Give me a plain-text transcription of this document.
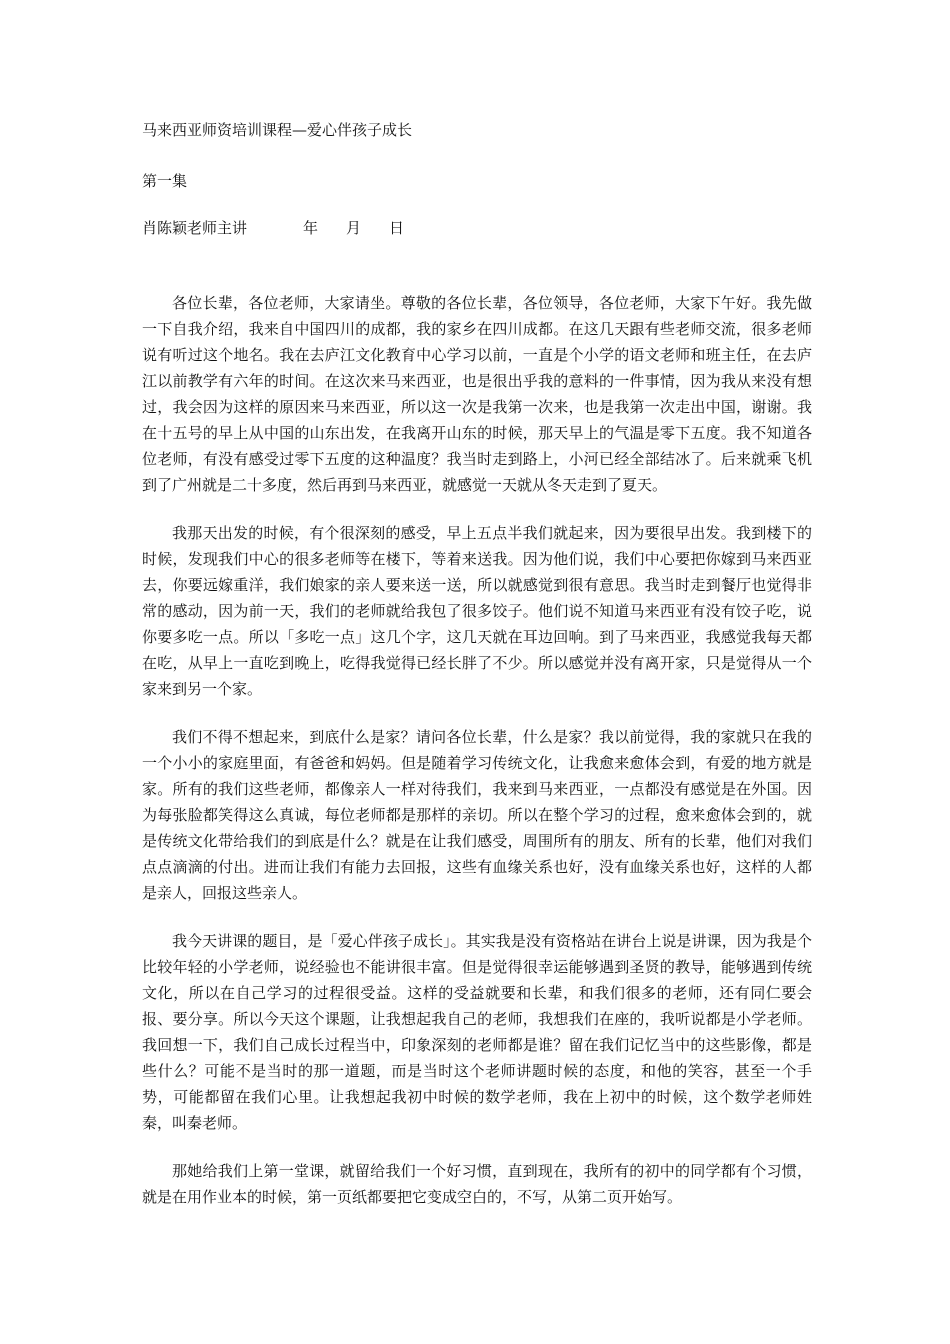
马来西亚师资培训课程—爱心伴孩子成长
第一集
肖陈颖老师主讲	年 月 日

各位长辈，各位老师，大家请坐。尊敬的各位长辈，各位领导，各位老师，大家下午好。我先做一下自我介绍，我来自中国四川的成都，我的家乡在四川成都。在这几天跟有些老师交流，很多老师说有听过这个地名。我在去庐江文化教育中心学习以前，一直是个小学的语文老师和班主任，在去庐江以前教学有六年的时间。在这次来马来西亚，也是很出乎我的意料的一件事情，因为我从来没有想过，我会因为这样的原因来马来西亚，所以这一次是我第一次来，也是我第一次走出中国，谢谢。我在十五号的早上从中国的山东出发，在我离开山东的时候，那天早上的气温是零下五度。我不知道各位老师，有没有感受过零下五度的这种温度？我当时走到路上，小河已经全部结冰了。后来就乘飞机到了广州就是二十多度，然后再到马来西亚，就感觉一天就从冬天走到了夏天。

我那天出发的时候，有个很深刻的感受，早上五点半我们就起来，因为要很早出发。我到楼下的时候，发现我们中心的很多老师等在楼下，等着来送我。因为他们说，我们中心要把你嫁到马来西亚去，你要远嫁重洋，我们娘家的亲人要来送一送，所以就感觉到很有意思。我当时走到餐厅也觉得非常的感动，因为前一天，我们的老师就给我包了很多饺子。他们说不知道马来西亚有没有饺子吃，说你要多吃一点。所以「多吃一点」这几个字，这几天就在耳边回响。到了马来西亚，我感觉我每天都在吃，从早上一直吃到晚上，吃得我觉得已经长胖了不少。所以感觉并没有离开家，只是觉得从一个家来到另一个家。

我们不得不想起来，到底什么是家？请问各位长辈，什么是家？我以前觉得，我的家就只在我的一个小小的家庭里面，有爸爸和妈妈。但是随着学习传统文化，让我愈来愈体会到，有爱的地方就是家。所有的我们这些老师，都像亲人一样对待我们，我来到马来西亚，一点都没有感觉是在外国。因为每张脸都笑得这么真诚，每位老师都是那样的亲切。所以在整个学习的过程，愈来愈体会到的，就是传统文化带给我们的到底是什么？就是在让我们感受，周围所有的朋友、所有的长辈，他们对我们点点滴滴的付出。进而让我们有能力去回报，这些有血缘关系也好，没有血缘关系也好，这样的人都是亲人，回报这些亲人。

我今天讲课的题目，是「爱心伴孩子成长」。其实我是没有资格站在讲台上说是讲课，因为我是个比较年轻的小学老师，说经验也不能讲很丰富。但是觉得很幸运能够遇到圣贤的教导，能够遇到传统文化，所以在自己学习的过程很受益。这样的受益就要和长辈，和我们很多的老师，还有同仁要会报、要分享。所以今天这个课题，让我想起我自己的老师，我想我们在座的，我听说都是小学老师。我回想一下，我们自己成长过程当中，印象深刻的老师都是谁？留在我们记忆当中的这些影像，都是些什么？可能不是当时的那一道题，而是当时这个老师讲题时候的态度，和他的笑容，甚至一个手势，可能都留在我们心里。让我想起我初中时候的数学老师，我在上初中的时候，这个数学老师姓秦，叫秦老师。

那她给我们上第一堂课，就留给我们一个好习惯，直到现在，我所有的初中的同学都有个习惯，就是在用作业本的时候，第一页纸都要把它变成空白的，不写，从第二页开始写。
